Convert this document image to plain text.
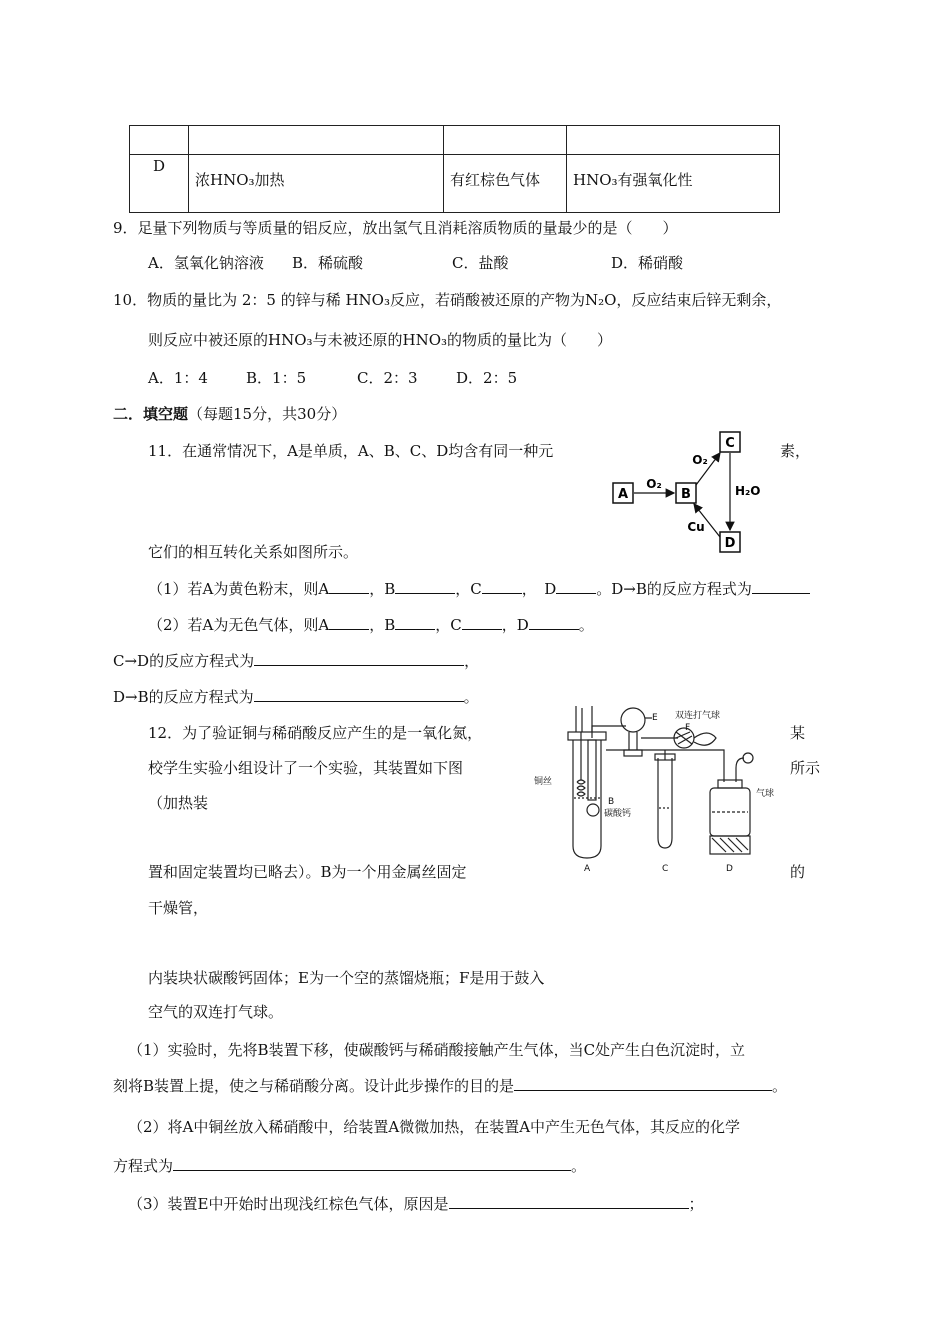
D	浓HNO₃加热	有红棕色气体	HNO₃有强氧化性
9．足量下列物质与等质量的铝反应，放出氢气且消耗溶质物质的量最少的是（　　）
A．氢氧化钠溶液 B．稀硫酸	C．盐酸	D．稀硝酸
10．物质的量比为 2：5 的锌与稀 HNO₃反应，若硝酸被还原的产物为N₂O，反应结束后锌无剩余，
则反应中被还原的HNO₃与未被还原的HNO₃的物质的量比为（　　）
A．1：4	B．1：5	C．2：3	D．2：5
二．填空题（每题15分，共30分）
11．在通常情况下，A是单质，A、B、C、D均含有同一种元	素，
A	B
C
D
O₂
O₂
H₂O
Cu
它们的相互转化关系如图所示。
（1）若A为黄色粉末，则A	，B	，C	，　D	。D→B的反应方程式为
（2）若A为无色气体，则A	，B	，C	，D	。
C→D的反应方程式为	，
D→B的反应方程式为	。
12．为了验证铜与稀硝酸反应产生的是一氧化氮，	某
校学生实验小组设计了一个实验，其装置如下图	所示
（加热装
置和固定装置均已略去）。B为一个用金属丝固定	的
干燥管，
内装块状碳酸钙固体；E为一个空的蒸馏烧瓶；F是用于鼓入
空气的双连打气球。
E 双连打气球
F
铜丝
B
碳酸钙
气球
A	C	D
（1）实验时，先将B装置下移，使碳酸钙与稀硝酸接触产生气体，当C处产生白色沉淀时，立
刻将B装置上提，使之与稀硝酸分离。设计此步操作的目的是	。
（2）将A中铜丝放入稀硝酸中，给装置A微微加热，在装置A中产生无色气体，其反应的化学
方程式为	。
（3）装置E中开始时出现浅红棕色气体，原因是	；
